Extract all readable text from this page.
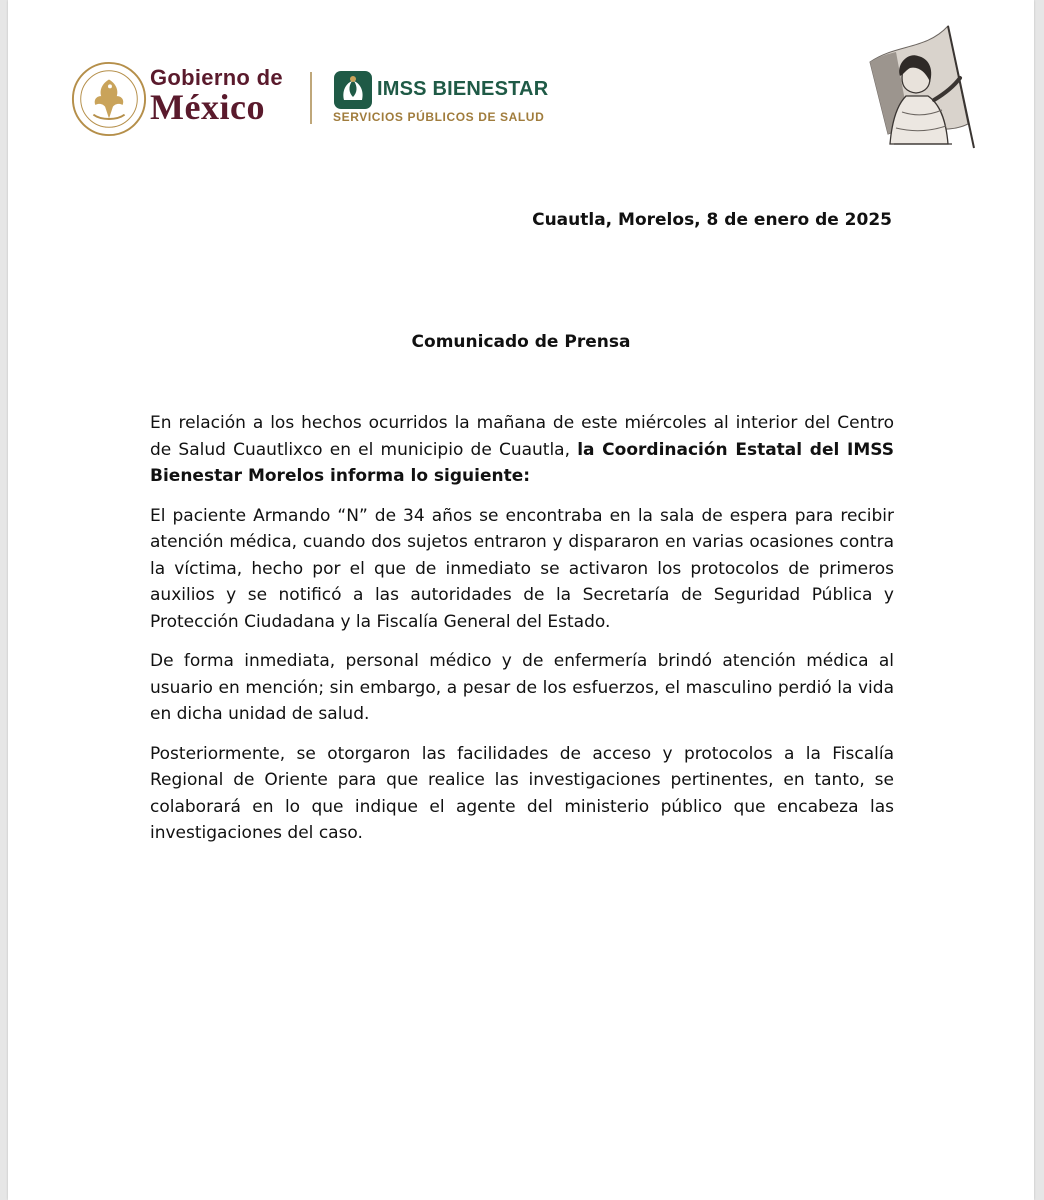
Gobierno de
México	IMSS BIENESTAR
SERVICIOS PÚBLICOS DE SALUD
Cuautla, Morelos, 8 de enero de 2025
Comunicado de Prensa

En relación a los hechos ocurridos la mañana de este miércoles al interior del Centro de Salud Cuautlixco en el municipio de Cuautla, la Coordinación Estatal del IMSS Bienestar Morelos informa lo siguiente:

El paciente Armando “N” de 34 años se encontraba en la sala de espera para recibir atención médica, cuando dos sujetos entraron y dispararon en varias ocasiones contra la víctima, hecho por el que de inmediato se activaron los protocolos de primeros auxilios y se notificó a las autoridades de la Secretaría de Seguridad Pública y Protección Ciudadana y la Fiscalía General del Estado.

De forma inmediata, personal médico y de enfermería brindó atención médica al usuario en mención; sin embargo, a pesar de los esfuerzos, el masculino perdió la vida en dicha unidad de salud.

Posteriormente, se otorgaron las facilidades de acceso y protocolos a la Fiscalía Regional de Oriente para que realice las investigaciones pertinentes, en tanto, se colaborará en lo que indique el agente del ministerio público que encabeza las investigaciones del caso.
